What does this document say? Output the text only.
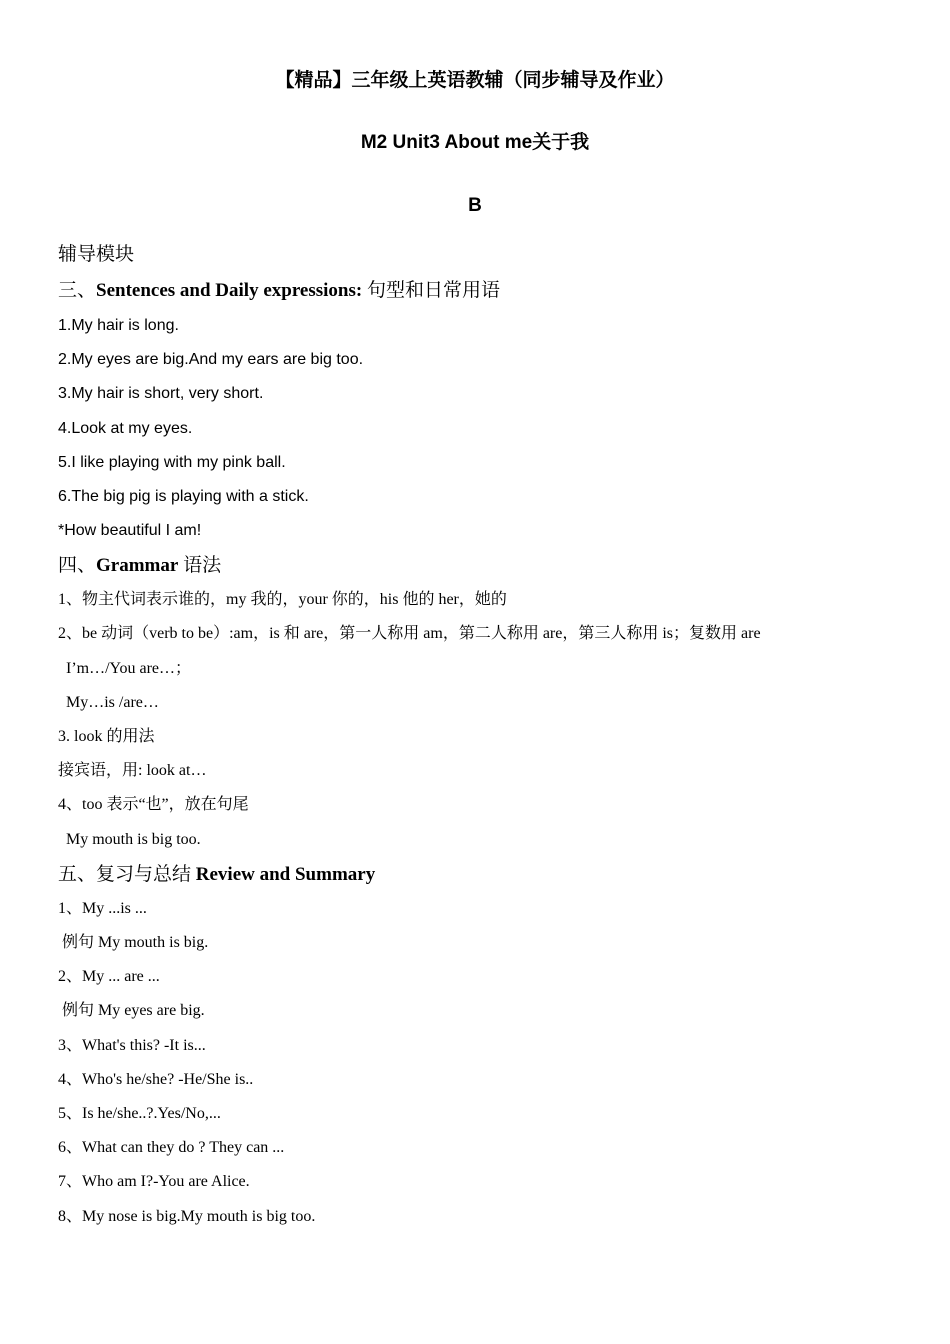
【精品】三年级上英语教辅（同步辅导及作业）
M2 Unit3 About me关于我
B
辅导模块
三、Sentences and Daily expressions: 句型和日常用语
1.My hair is long.
2.My eyes are big.And my ears are big too.
3.My hair is short, very short.
4.Look at my eyes.
5.I like playing with my pink ball.
6.The big pig is playing with a stick.
*How beautiful I am!
四、Grammar 语法
1、物主代词表示谁的，my 我的，your 你的，his 他的 her，她的
2、be 动词（verb to be）:am，is 和 are，第一人称用 am，第二人称用 are，第三人称用 is；复数用 are
I’m…/You are…；
My…is /are…
3. look 的用法
接宾语，用: look at…
4、too 表示“也”，放在句尾
My mouth is big too.
五、复习与总结 Review and Summary
1、My ...is ...
例句 My mouth is big.
2、My ... are ...
例句 My eyes are big.
3、What's this? -It is...
4、Who's he/she? -He/She is..
5、Is he/she..?.Yes/No,...
6、What can they do ? They can ...
7、Who am I?-You are Alice.
8、My nose is big.My mouth is big too.
